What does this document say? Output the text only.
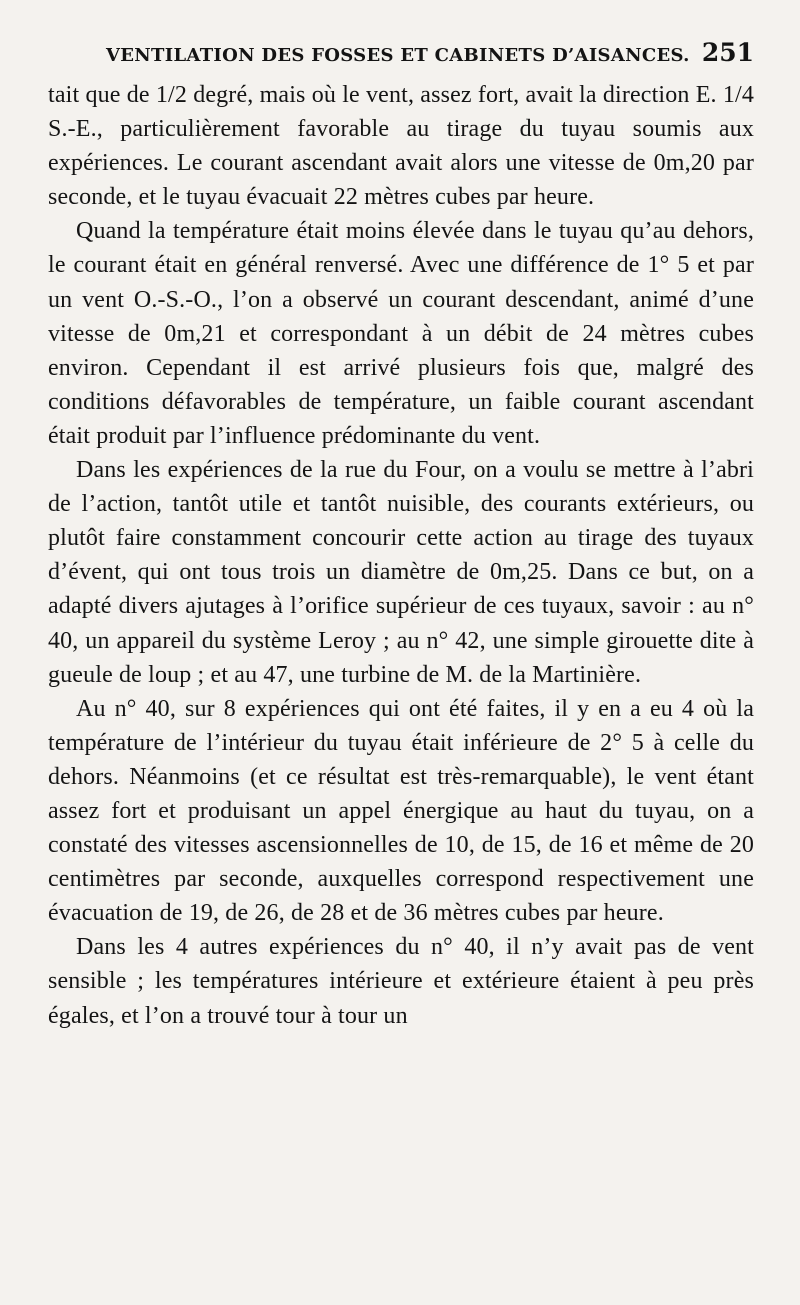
VENTILATION DES FOSSES ET CABINETS D’AISANCES. 251

tait que de 1/2 degré, mais où le vent, assez fort, avait la direction E. 1/4 S.-E., particulièrement favorable au tirage du tuyau soumis aux expériences. Le courant ascendant avait alors une vitesse de 0m,20 par seconde, et le tuyau évacuait 22 mètres cubes par heure.

Quand la température était moins élevée dans le tuyau qu’au dehors, le courant était en général renversé. Avec une différence de 1° 5 et par un vent O.-S.-O., l’on a observé un courant descendant, animé d’une vitesse de 0m,21 et correspondant à un débit de 24 mètres cubes environ. Cependant il est arrivé plusieurs fois que, malgré des conditions défavorables de température, un faible courant ascendant était produit par l’influence prédominante du vent.

Dans les expériences de la rue du Four, on a voulu se mettre à l’abri de l’action, tantôt utile et tantôt nuisible, des courants extérieurs, ou plutôt faire constamment concourir cette action au tirage des tuyaux d’évent, qui ont tous trois un diamètre de 0m,25. Dans ce but, on a adapté divers ajutages à l’orifice supérieur de ces tuyaux, savoir : au n° 40, un appareil du système Leroy ; au n° 42, une simple girouette dite à gueule de loup ; et au 47, une turbine de M. de la Martinière.

Au n° 40, sur 8 expériences qui ont été faites, il y en a eu 4 où la température de l’intérieur du tuyau était inférieure de 2° 5 à celle du dehors. Néanmoins (et ce résultat est très-remarquable), le vent étant assez fort et produisant un appel énergique au haut du tuyau, on a constaté des vitesses ascensionnelles de 10, de 15, de 16 et même de 20 centimètres par seconde, auxquelles correspond respectivement une évacuation de 19, de 26, de 28 et de 36 mètres cubes par heure.

Dans les 4 autres expériences du n° 40, il n’y avait pas de vent sensible ; les températures intérieure et extérieure étaient à peu près égales, et l’on a trouvé tour à tour un
